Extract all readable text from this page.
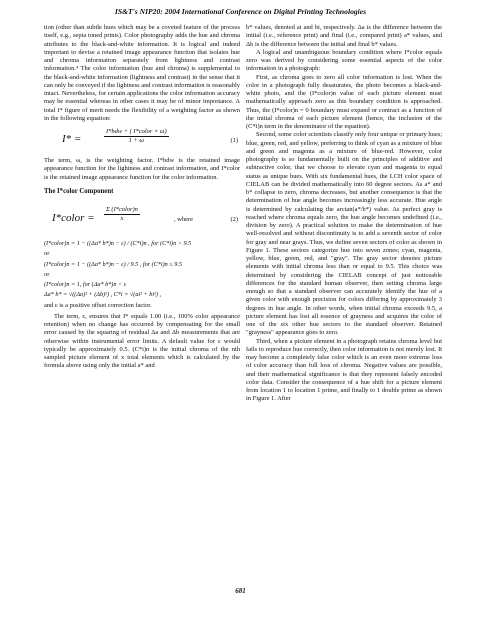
IS&T's NIP20: 2004 International Conference on Digital Printing Technologies

tion (other than subtle hues which may be a coveted feature of the process itself, e.g., sepia toned prints). Color photography adds the hue and chroma attributes to the black-and-white information. It is logical and indeed important to devise a retained image appearance function that isolates hue and chroma information separately from lightness and contrast information.⁴ The color information (hue and chroma) is supplemental to the black-and-white information (lightness and contrast) in the sense that it can only be conveyed if the lightness and contrast information is reasonably intact. Nevertheless, for certain applications the color information accuracy may be essential whereas in other cases it may be of minor importance. A total I* figure of merit needs the flexibility of a weighting factor as shown in the following equation:

I* =
I*bdw + ( I*color × ω)
1 + ω	(1)

The term, ω, is the weighting factor. I*bdw is the retained image appearance function for the lightness and contrast information, and I*color is the retained image appearance function for the color information.

The I*color Component
I*color =
Σ (I*color)n
x	, where	(2)

(I*color)n = 1 − ((Δa* b*)n − ε) / (C*i)n , for (C*i)n > 9.5

or

(I*color)n = 1 − ((Δa* b*)n − ε) / 9.5 , for (C*i)n ≤ 9.5

or

(I*color)n = 1, for (Δa* b*)n < ε

Δa* b* = √((Δa)² + (Δb)²) , C*i = √(ai² + bi²) ,

and ε is a positive offset correction factor.

The term, ε, ensures that I* equals 1.00 (i.e., 100% color appearance retention) when no change has occurred by compensating for the small error caused by the squaring of residual Δa and Δb measurements that are otherwise within instrumental error limits. A default value for ε would typically be approximately 0.5. (C*i)n is the initial chroma of the nth sampled picture element of x total elements which is calculated by the formula above using only the initial a* and

b* values, denoted ai and bi, respectively. Δa is the difference between the initial (i.e., reference print) and final (i.e., compared print) a* values, and Δb is the difference between the initial and final b* values.

A logical and unambiguous boundary condition where I*color equals zero was derived by considering some essential aspects of the color information in a photograph:

First, as chroma goes to zero all color information is lost. When the color in a photograph fully desaturates, the photo becomes a black-and-white photo, and the (I*color)n value of each picture element must mathematically approach zero as this boundary condition is approached. Thus, the (I*color)n = 0 boundary must expand or contract as a function of the initial chroma of each picture element (hence, the inclusion of the (C*i)n term in the denominator of the equation).

Second, some color scientists classify only four unique or primary hues; blue, green, red, and yellow, preferring to think of cyan as a mixture of blue and green and magenta as a mixture of blue-red. However, color photography is so fundamentally built on the principles of additive and subtractive color, that we choose to elevate cyan and magenta to equal status as unique hues. With six fundamental hues, the LCH color space of CIELAB can be divided mathematically into 60 degree sectors. As a* and b* collapse to zero, chroma decreases, but another consequence is that the determination of hue angle becomes increasingly less accurate. Hue angle is determined by calculating the arctan(a*/b*) value. As perfect gray is reached where chroma equals zero, the hue angle becomes undefined (i.e., division by zero). A practical solution to make the determination of hue well-resolved and without discontinuity is to add a seventh sector of color for gray and near grays. Thus, we define seven sectors of color as shown in Figure 1. These sectors categorize hue into seven zones; cyan, magenta, yellow, blue, green, red, and "gray". The gray sector denotes picture elements with initial chroma less than or equal to 9.5. This choice was determined by considering the CIELAB concept of just noticeable differences for the standard human observer, then setting chroma large enough so that a standard observer can accurately identify the hue of a given color with enough precision for colors differing by approximately 3 degrees in hue angle. In other words, when initial chroma exceeds 9.5, a picture element has lost all essence of grayness and acquires the color of one of the six other hue sectors to the standard observer. Retained "grayness" appearance goes to zero.

Third, when a picture element in a photograph retains chroma level but fails to reproduce hue correctly, then color information is not merely lost. It may become a completely false color which is an even more extreme loss of color accuracy than full loss of chroma. Negative values are possible, and their mathematical significance is that they represent falsely encoded color data. Consider the consequence of a hue shift for a picture element from location 1 to location 1 prime, and finally to 1 double prime as shown in Figure 1. After

681
